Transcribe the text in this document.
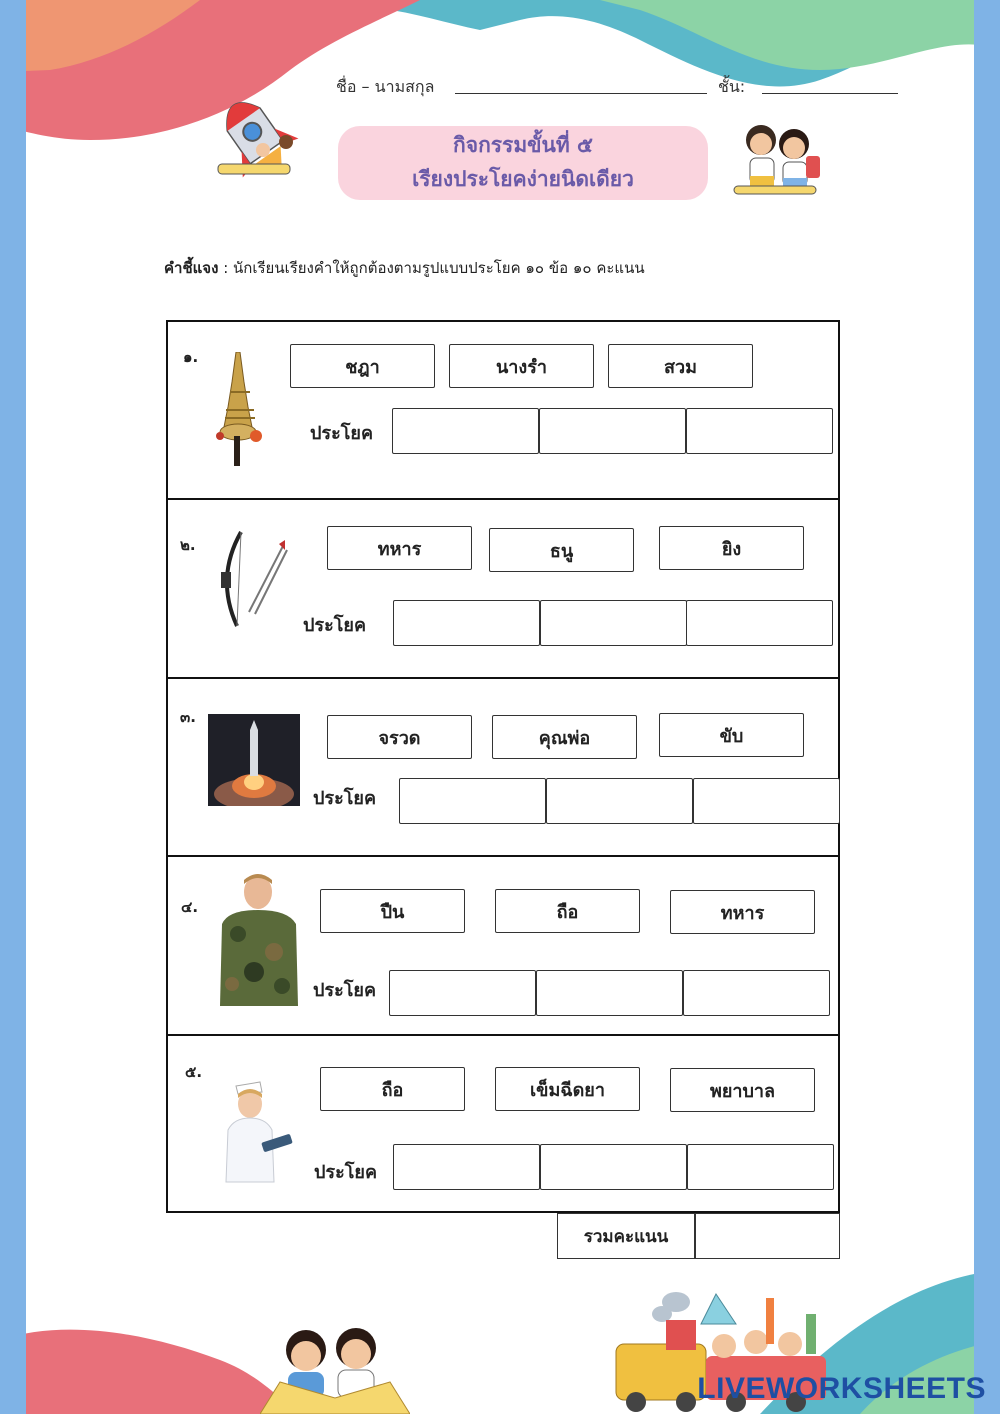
ชื่อ – นามสกุล	ชั้น:
กิจกรรมขั้นที่ ๕
เรียงประโยคง่ายนิดเดียว
คำชี้แจง : นักเรียนเรียงคำให้ถูกต้องตามรูปแบบประโยค ๑๐ ข้อ ๑๐ คะแนน
๑.	ชฎา	นางรำ	สวม
ประโยค
๒.	ทหาร	ธนู	ยิง
ประโยค
๓.
จรวด	คุณพ่อ	ขับ
ประโยค
๔.	ปืน	ถือ	ทหาร
ประโยค
๕.
ถือ	เข็มฉีดยา	พยาบาล
ประโยค
รวมคะแนน
LIVEWORKSHEETS
